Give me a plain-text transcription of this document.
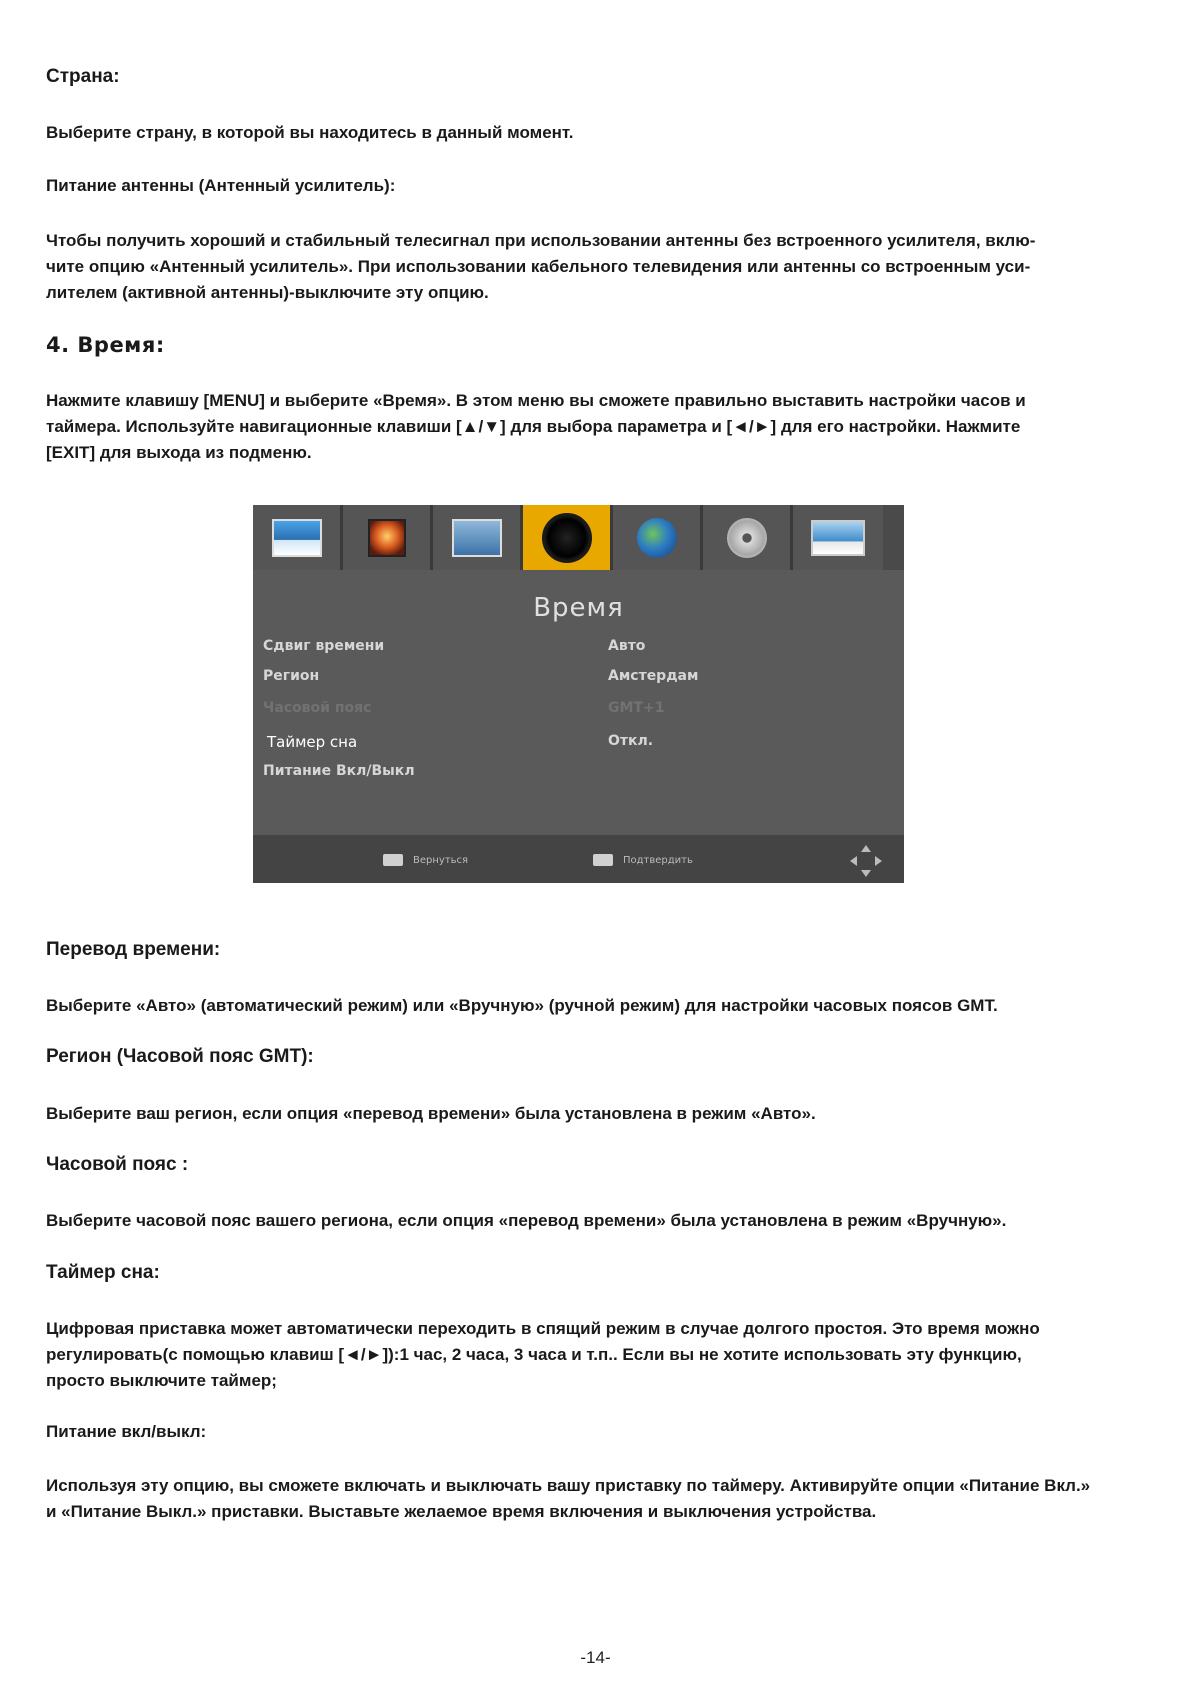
Страна:
Выберите страну, в которой вы находитесь в данный момент.
Питание антенны (Антенный усилитель):
Чтобы получить хороший и стабильный телесигнал при использовании антенны без встроенного усилителя, вклю-
чите опцию «Антенный усилитель». При использовании кабельного телевидения или антенны со встроенным уси-
лителем (активной антенны)-выключите эту опцию.
4. Время:
Нажмите клавишу [MENU] и выберите «Время». В этом меню вы сможете правильно выставить настройки часов и
таймера. Используйте навигационные клавиши [▲/▼] для выбора параметра и [◄/►] для его настройки. Нажмите
[EXIT] для выхода из подменю.
Перевод времени:
Выберите «Авто» (автоматический режим) или «Вручную» (ручной режим) для настройки часовых поясов GMT.
Регион (Часовой пояс GMT):
Выберите ваш регион, если опция «перевод времени» была установлена в режим «Авто».
Часовой пояс :
Выберите часовой пояс вашего региона, если опция «перевод времени» была установлена в режим «Вручную».
Таймер сна:
Цифровая приставка может автоматически переходить в спящий режим в случае долгого простоя. Это время можно
регулировать(с помощью клавиш [◄/►]):1 час, 2 часа, 3 часа и т.п.. Если вы не хотите использовать эту функцию,
просто выключите таймер;
Питание вкл/выкл:
Используя эту опцию, вы сможете включать и выключать вашу приставку по таймеру. Активируйте опции «Питание Вкл.»
и «Питание Выкл.» приставки. Выставьте желаемое время включения и выключения устройства.
Время
Сдвиг времени	Авто
Регион	Амстердам
Часовой пояс	GMT+1
Таймер сна	Откл.
Питание Вкл/Выкл
Вернуться	Подтвердить
-14-
